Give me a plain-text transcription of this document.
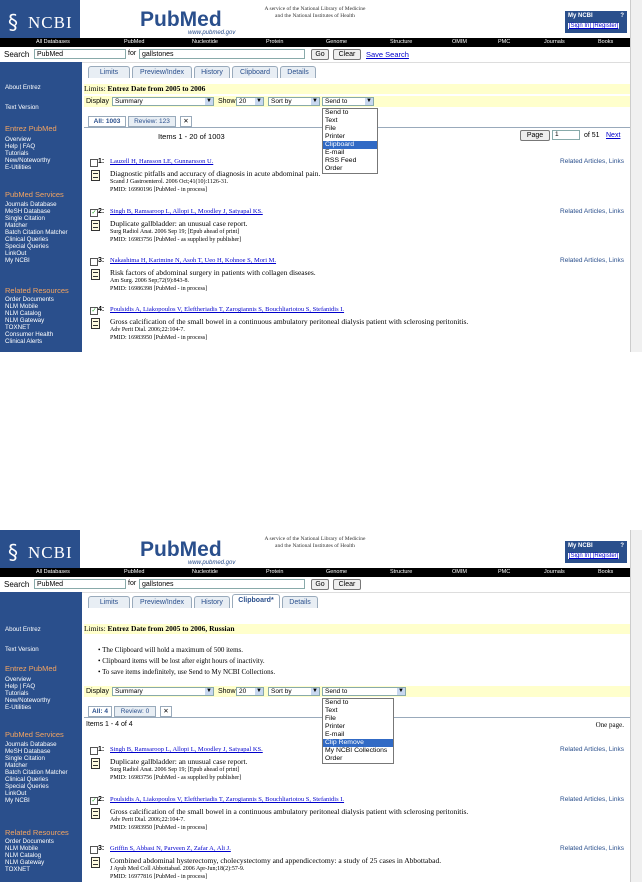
§ NCBI	PubMed
www.pubmed.gov
A service of the National Library of Medicine
and the National Institutes of Health	My NCBI	?
[Sign In] [Register]
All Databases	PubMed	Nucleotide	Protein	Genome	Structure	OMIM	PMC	Journals	Books
Search	PubMed	for gallstones	Go	Clear	Save Search
About Entrez
Text Version
Entrez PubMed
Overview
Help | FAQ
Tutorials
New/Noteworthy
E-Utilities
PubMed Services
Journals Database
MeSH Database
Single Citation
Matcher
Batch Citation Matcher
Clinical Queries
Special Queries
LinkOut
My NCBI
Related Resources
Order Documents
NLM Mobile
NLM Catalog
NLM Gateway
TOXNET
Consumer Health
Clinical Alerts
Limits	Preview/Index	History	Clipboard	Details
Limits: Entrez Date from 2005 to 2006
Display Summary	▼ Show 20 ▼	Sort by	▼	Send to	▼
Send to
Text
File
Printer
Clipboard
E-mail
RSS Feed
Order
All: 1003	Review: 123	✕
Items 1 - 20 of 1003	Page	1	of 51 Next
1: Lauzell H, Hansson LE, Gunnarsson U.	Related Articles, Links
Diagnostic pitfalls and accuracy of diagnosis in acute abdominal pain.
Scand J Gastroenterol. 2006 Oct;41(10):1126-31.
PMID: 16990196 [PubMed - in process]
✓ 2: Singh B, Ramsaroop L, Allopi L, Moodley J, Satyapal KS.	Related Articles, Links
Duplicate gallbladder: an unusual case report.
Surg Radiol Anat. 2006 Sep 19; [Epub ahead of print]
PMID: 16983756 [PubMed - as supplied by publisher]
3: Nakashima H, Karimine N, Asoh T, Ueo H, Kohnoe S, Mori M.	Related Articles, Links
Risk factors of abdominal surgery in patients with collagen diseases.
Am Surg. 2006 Sep;72(9):843-8.
PMID: 16986398 [PubMed - in process]
✓ 4: Poulsidis A, Liakopoulos V, Eleftheriadis T, Zarogiannis S, Bouchliariotou S, Stefanidis I.
Gross calcification of the small bowel in a continuous ambulatory peritoneal dialysis patient with sclerosing peritonitis.
Adv Perit Dial. 2006;22:104-7.
PMID: 16983950 [PubMed - in process]
§ NCBI	PubMed
www.pubmed.gov
A service of the National Library of Medicine
and the National Institutes of Health	My NCBI	?
[Sign In] [Register]
All Databases	PubMed	Nucleotide	Protein	Genome	Structure	OMIM	PMC	Journals	Books
Search	PubMed	for gallstones	Go	Clear
About Entrez
Text Version
Entrez PubMed
Overview
Help | FAQ
Tutorials
New/Noteworthy
E-Utilities
PubMed Services
Journals Database
MeSH Database
Single Citation
Matcher
Batch Citation Matcher
Clinical Queries
Special Queries
LinkOut
My NCBI
Related Resources
Order Documents
NLM Mobile
NLM Catalog
NLM Gateway
TOXNET
Limits	Preview/Index	History	Clipboard*	Details
Limits: Entrez Date from 2005 to 2006, Russian
• The Clipboard will hold a maximum of 500 items.
• Clipboard items will be lost after eight hours of inactivity.
• To save items indefinitely, use Send to My NCBI Collections.
Display Summary	▼ Show 20 ▼	Sort by	▼	Send to	▼
Send to
Text
File
Printer
E-mail
Clip Remove
My NCBI Collections
Order
All: 4	Review: 0	✕
Items 1 - 4 of 4	One page.
1: Singh B, Ramsaroop L, Allopi L, Moodley J, Satyapal KS.	Related Articles, Links
Duplicate gallbladder: an unusual case report.
Surg Radiol Anat. 2006 Sep 19; [Epub ahead of print]
PMID: 16983756 [PubMed - as supplied by publisher]
✓ 2: Poulsidis A, Liakopoulos V, Eleftheriadis T, Zarogiannis S, Bouchliariotou S, Stefanidis I.	Related Articles, Links
Gross calcification of the small bowel in a continuous ambulatory peritoneal dialysis patient with sclerosing peritonitis.
Adv Perit Dial. 2006;22:104-7.
PMID: 16983950 [PubMed - in process]
3: Griffin S, Abbasi N, Parveen Z, Zafar A, Ali J.	Related Articles, Links
Combined abdominal hysterectomy, cholecystectomy and appendicectomy: a study of 25 cases in Abbottabad.
J Ayub Med Coll Abbottabad. 2006 Apr-Jun;18(2):57-9.
PMID: 16977816 [PubMed - in process]
